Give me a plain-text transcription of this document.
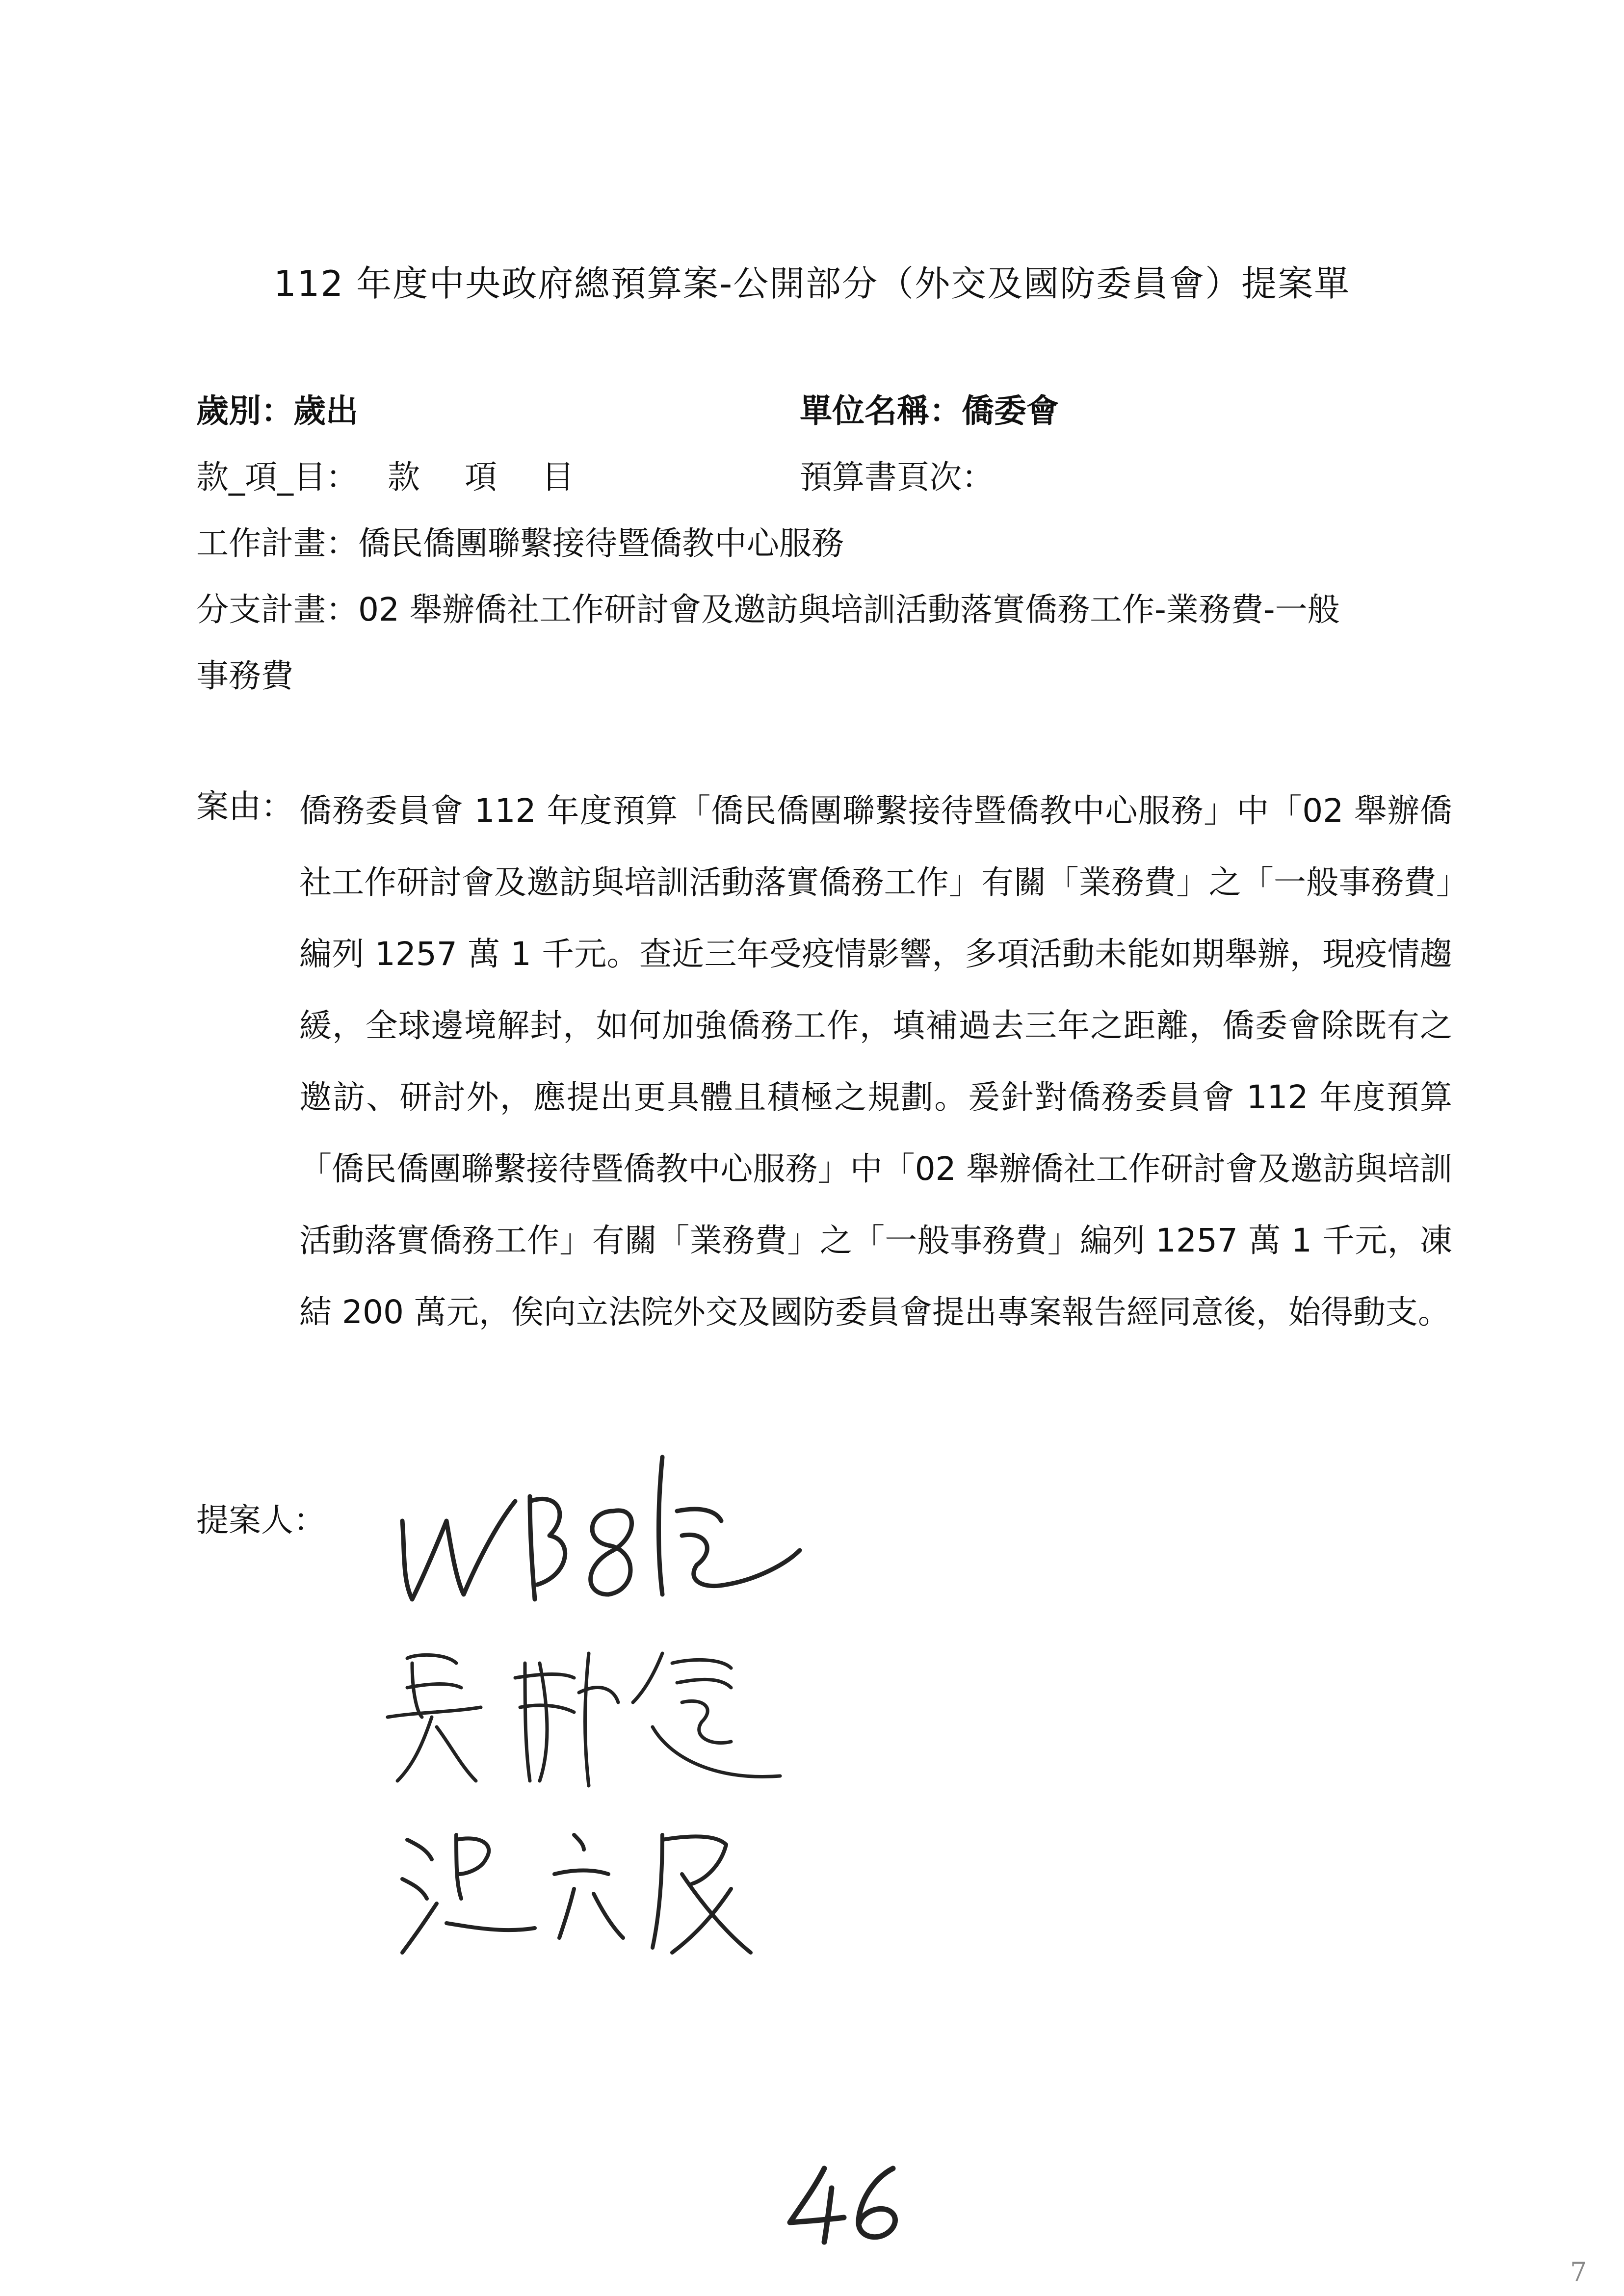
112 年度中央政府總預算案-公開部分（外交及國防委員會）提案單
歲別：歲出	單位名稱：僑委會
款_項_目： 款 項 目	預算書頁次：
工作計畫：僑民僑團聯繫接待暨僑教中心服務
分支計畫：02 舉辦僑社工作研討會及邀訪與培訓活動落實僑務工作-業務費-一般
事務費
案由： 僑務委員會 112 年度預算「僑民僑團聯繫接待暨僑教中心服務」中「02 舉辦僑社工作研討會及邀訪與培訓活動落實僑務工作」有關「業務費」之「一般事務費」編列 1257 萬 1 千元。查近三年受疫情影響，多項活動未能如期舉辦，現疫情趨緩，全球邊境解封，如何加強僑務工作，填補過去三年之距離，僑委會除既有之邀訪、研討外，應提出更具體且積極之規劃。爰針對僑務委員會 112 年度預算「僑民僑團聯繫接待暨僑教中心服務」中「02 舉辦僑社工作研討會及邀訪與培訓活動落實僑務工作」有關「業務費」之「一般事務費」編列 1257 萬 1 千元，凍結 200 萬元，俟向立法院外交及國防委員會提出專案報告經同意後，始得動支。
提案人：
46
7
